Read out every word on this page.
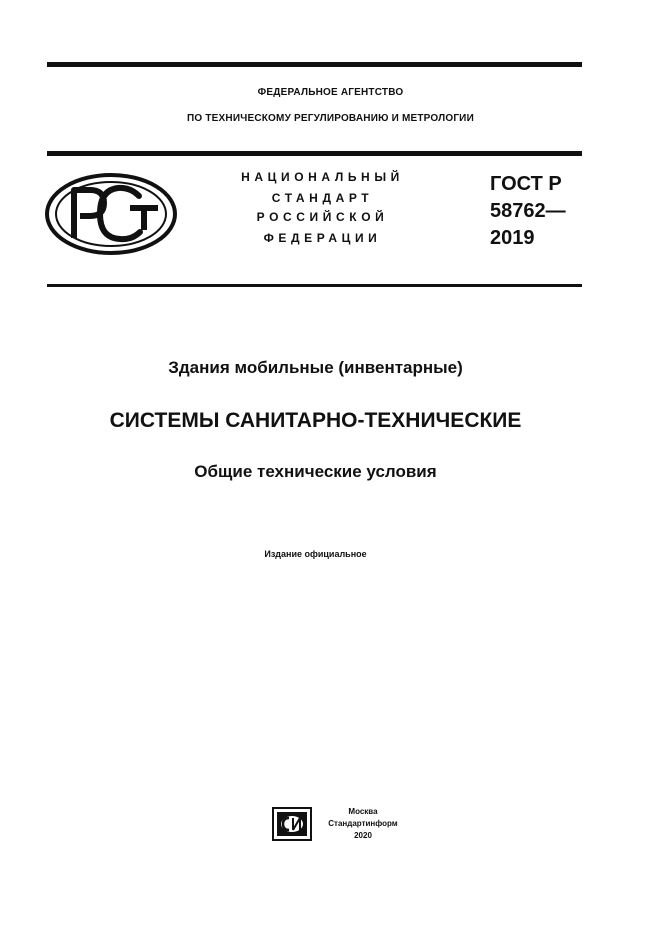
ФЕДЕРАЛЬНОЕ АГЕНТСТВО
ПО ТЕХНИЧЕСКОМУ РЕГУЛИРОВАНИЮ И МЕТРОЛОГИИ
НАЦИОНАЛЬНЫЙ
СТАНДАРТ
РОССИЙСКОЙ
ФЕДЕРАЦИИ
ГОСТ Р
58762—
2019
Здания мобильные (инвентарные)
СИСТЕМЫ САНИТАРНО-ТЕХНИЧЕСКИЕ
Общие технические условия
Издание официальное
Москва
Стандартинформ
2020
